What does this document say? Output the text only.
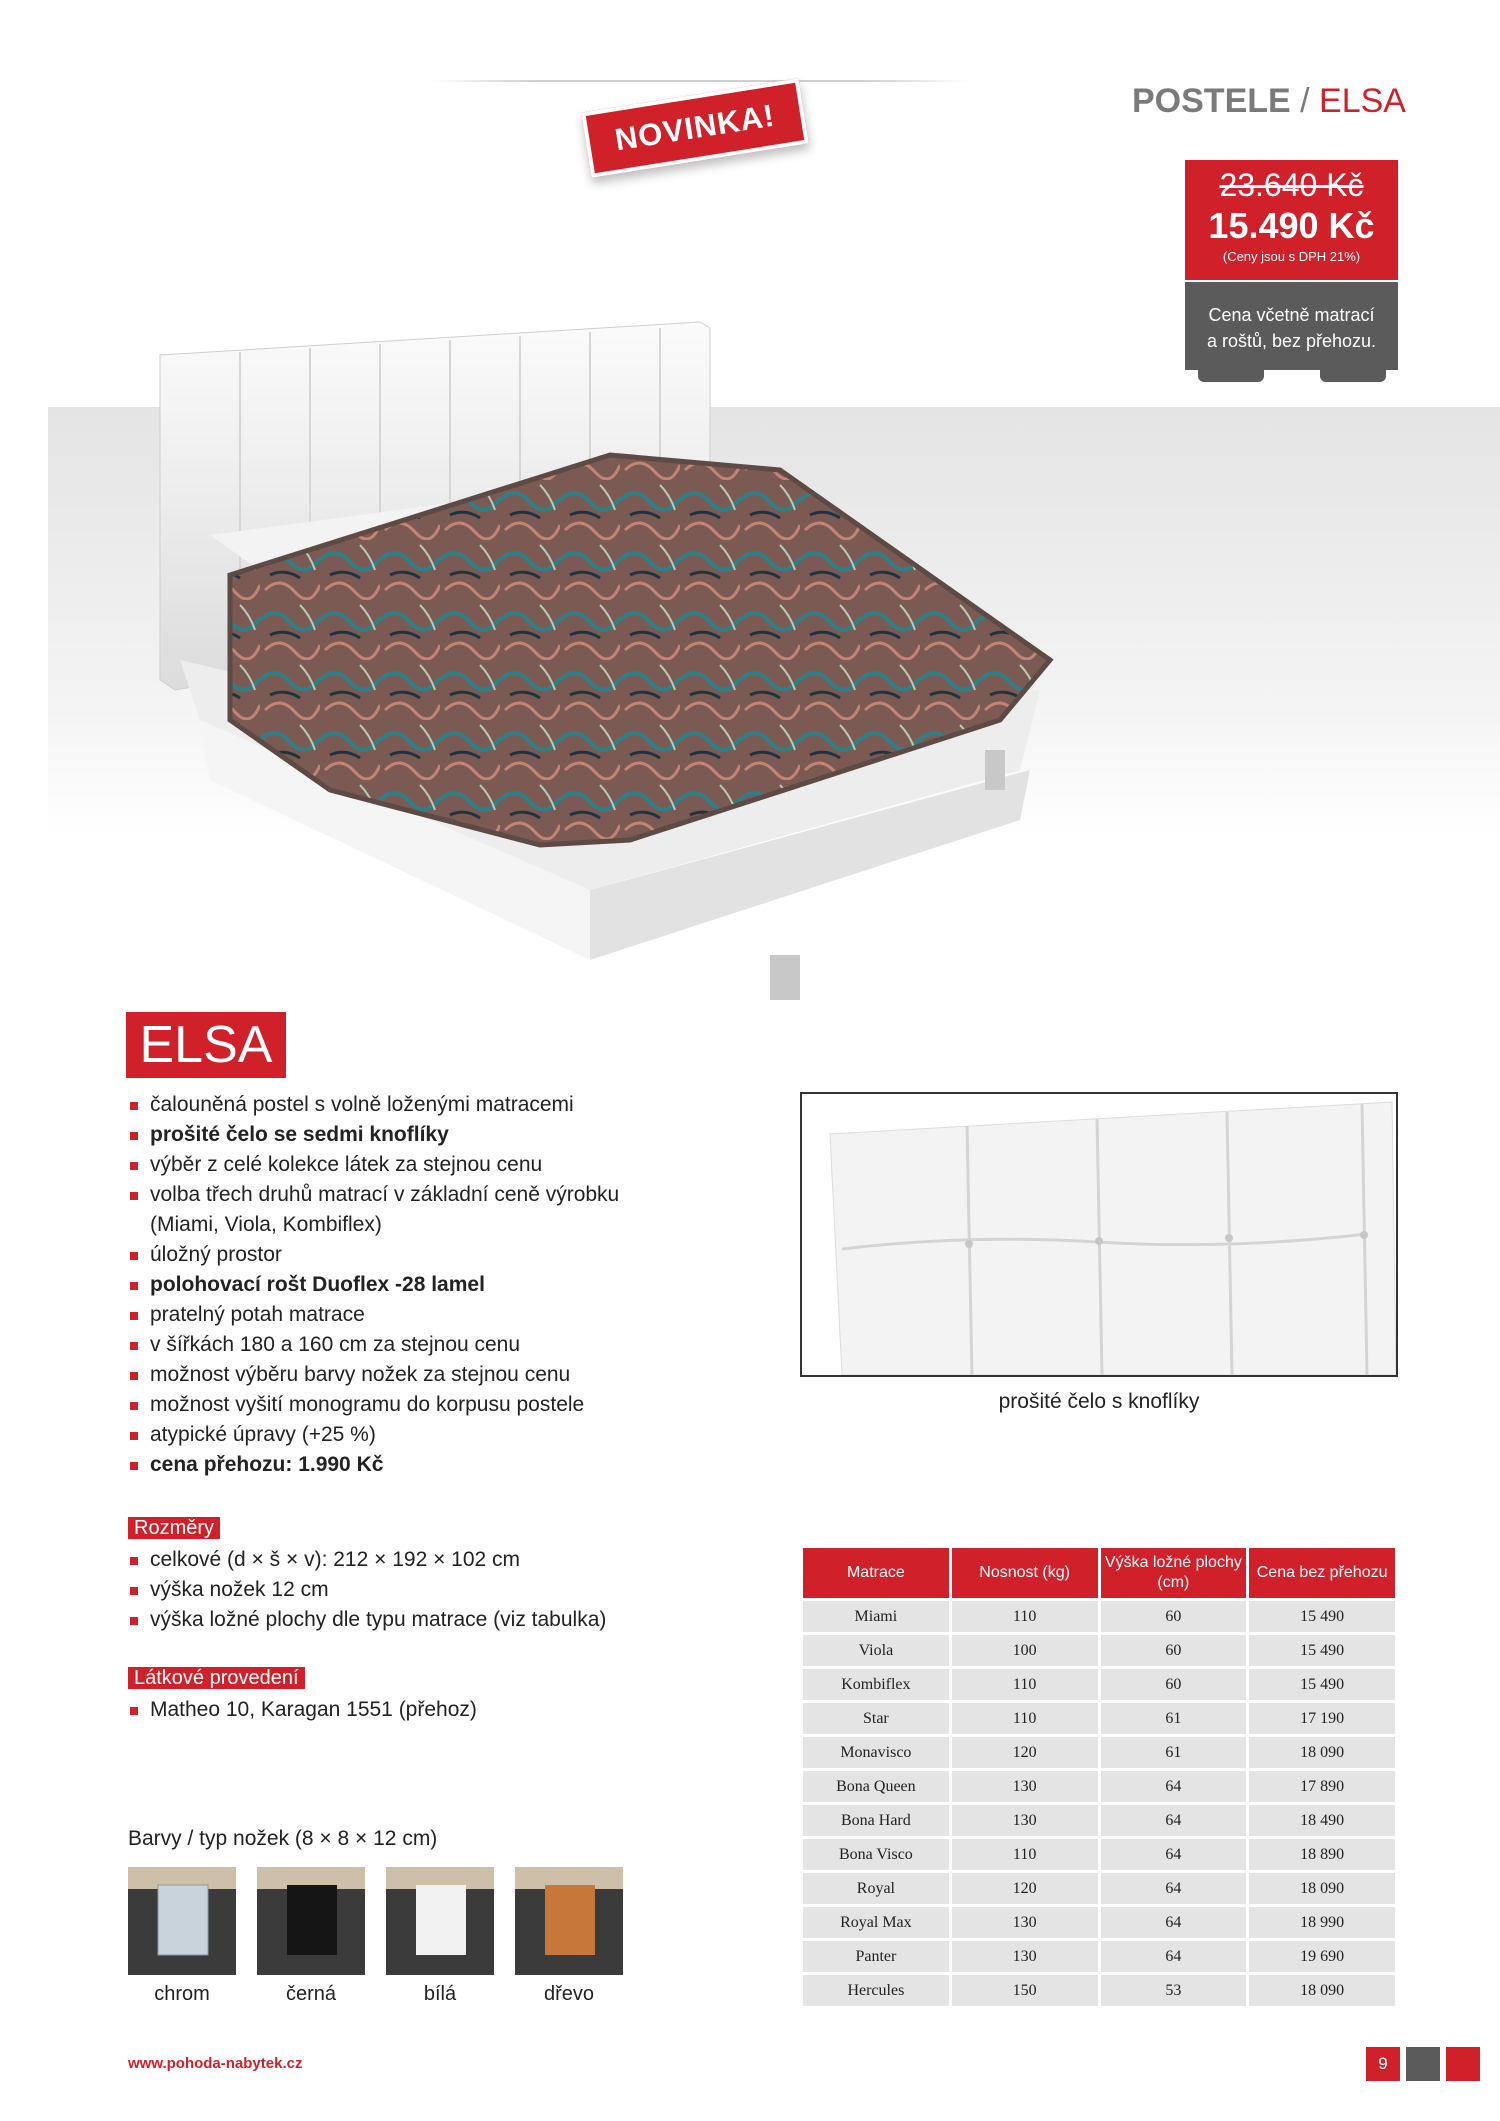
NOVINKA!	POSTELE / ELSA
23.640 Kč
15.490 Kč
(Ceny jsou s DPH 21%)
Cena včetně matrací
a roštů, bez přehozu.
ELSA
čalouněná postel s volně loženými matracemi
prošité čelo se sedmi knoflíky
výběr z celé kolekce látek za stejnou cenu
volba třech druhů matrací v základní ceně výrobku
(Miami, Viola, Kombiflex)
úložný prostor
polohovací rošt Duoflex -28 lamel
pratelný potah matrace
v šířkách 180 a 160 cm za stejnou cenu
možnost výběru barvy nožek za stejnou cenu
možnost vyšití monogramu do korpusu postele
atypické úpravy (+25 %)
cena přehozu: 1.990 Kč
Rozměry
celkové (d × š × v): 212 × 192 × 102 cm
výška nožek 12 cm
výška ložné plochy dle typu matrace (viz tabulka)
Látkové provedení
Matheo 10, Karagan 1551 (přehoz)
Barvy / typ nožek (8 × 8 × 12 cm)
chrom	černá	bílá	dřevo
prošité čelo s knoflíky
Matrace	Nosnost (kg)	Výška ložné plochy (cm)	Cena bez přehozu
Miami	110	60	15 490
Viola	100	60	15 490
Kombiflex	110	60	15 490
Star	110	61	17 190
Monavisco	120	61	18 090
Bona Queen	130	64	17 890
Bona Hard	130	64	18 490
Bona Visco	110	64	18 890
Royal	120	64	18 090
Royal Max	130	64	18 990
Panter	130	64	19 690
Hercules	150	53	18 090
www.pohoda-nabytek.cz	9
